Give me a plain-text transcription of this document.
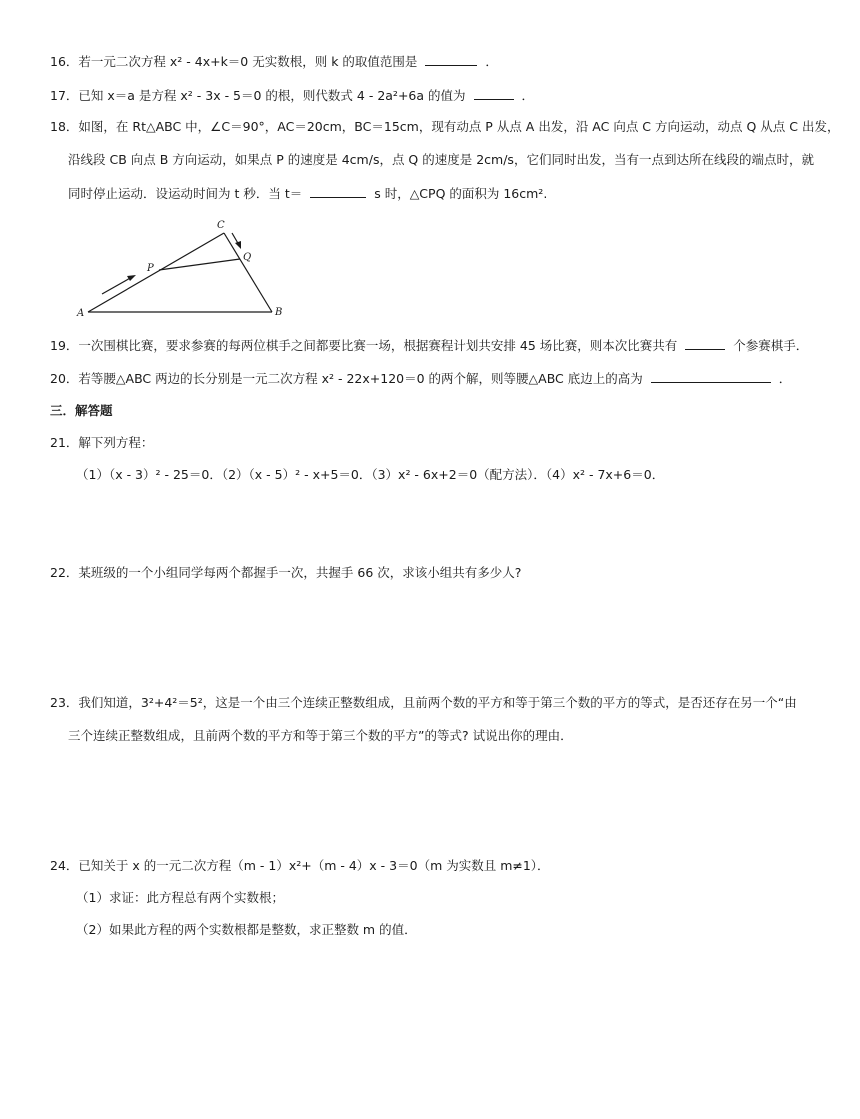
16．若一元二次方程 x² - 4x+k＝0 无实数根，则 k 的取值范围是	．
17．已知 x＝a 是方程 x² - 3x - 5＝0 的根，则代数式 4 - 2a²+6a 的值为	．
18．如图，在 Rt△ABC 中，∠C＝90°，AC＝20cm，BC＝15cm，现有动点 P 从点 A 出发，沿 AC 向点 C 方向运动，动点 Q 从点 C 出发，
沿线段 CB 向点 B 方向运动，如果点 P 的速度是 4cm/s，点 Q 的速度是 2cm/s，它们同时出发，当有一点到达所在线段的端点时，就
同时停止运动．设运动时间为 t 秒．当 t＝	s 时，△CPQ 的面积为 16cm².
A	B
C
P
Q
19．一次围棋比赛，要求参赛的每两位棋手之间都要比赛一场，根据赛程计划共安排 45 场比赛，则本次比赛共有	个参赛棋手．
20．若等腰△ABC 两边的长分别是一元二次方程 x² - 22x+120＝0 的两个解，则等腰△ABC 底边上的高为	．
三．解答题
21．解下列方程：
（1）（x - 3）² - 25＝0．（2）（x - 5）² - x+5＝0．（3）x² - 6x+2＝0（配方法）．（4）x² - 7x+6＝0．
22．某班级的一个小组同学每两个都握手一次，共握手 66 次，求该小组共有多少人?
23．我们知道，3²+4²＝5²，这是一个由三个连续正整数组成，且前两个数的平方和等于第三个数的平方的等式，是否还存在另一个“由
三个连续正整数组成，且前两个数的平方和等于第三个数的平方”的等式? 试说出你的理由．
24．已知关于 x 的一元二次方程（m - 1）x²+（m - 4）x - 3＝0（m 为实数且 m≠1）．
（1）求证：此方程总有两个实数根；
（2）如果此方程的两个实数根都是整数，求正整数 m 的值．
